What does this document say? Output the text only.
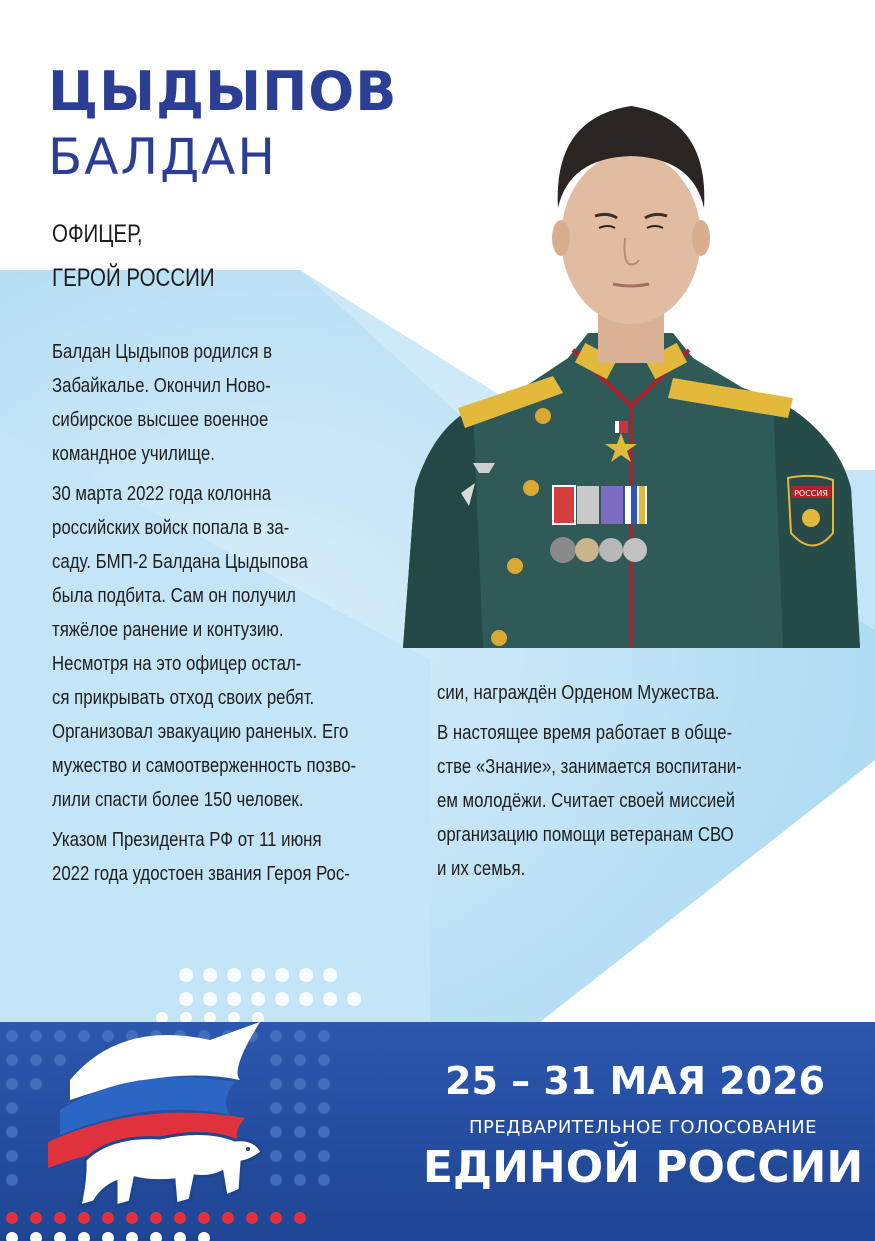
ЦЫДЫПОВ
БАЛДАН
ОФИЦЕР,
ГЕРОЙ РОССИИ
Балдан Цыдыпов родился в
Забайкалье. Окончил Ново-
сибирское высшее военное
командное училище.
30 марта 2022 года колонна
российских войск попала в за-
саду. БМП-2 Балдана Цыдыпова
была подбита. Сам он получил
тяжёлое ранение и контузию.
Несмотря на это офицер остал-
ся прикрывать отход своих ребят.
Организовал эвакуацию раненых. Его
мужество и самоотверженность позво-
лили спасти более 150 человек.
Указом Президента РФ от 11 июня
2022 года удостоен звания Героя Рос-
сии, награждён Орденом Мужества.
В настоящее время работает в обще-
стве «Знание», занимается воспитани-
ем молодёжи. Считает своей миссией
организацию помощи ветеранам СВО
и их семья.
РОССИЯ
25 – 31 МАЯ 2026
ПРЕДВАРИТЕЛЬНОЕ ГОЛОСОВАНИЕ
ЕДИНОЙ РОССИИ
